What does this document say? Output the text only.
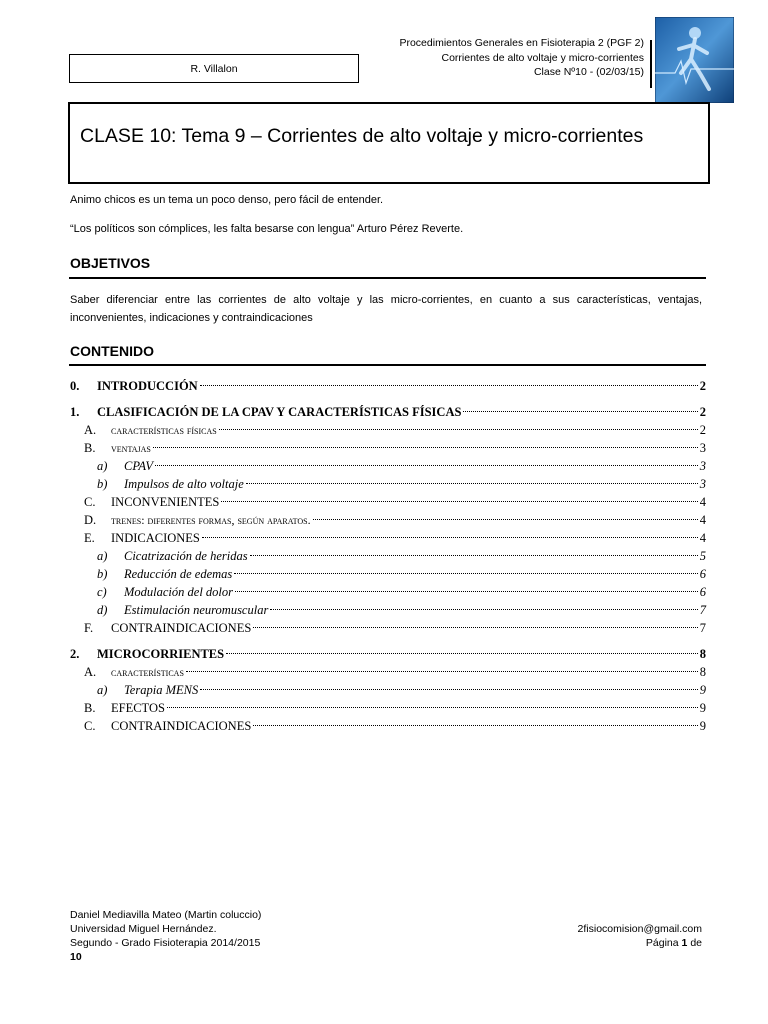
R. Villalon
Procedimientos Generales en Fisioterapia 2 (PGF 2)
Corrientes de alto voltaje y micro-corrientes
Clase Nº10 - (02/03/15)
CLASE 10: Tema 9 – Corrientes de alto voltaje y micro-corrientes
Animo chicos es un tema un poco denso, pero fácil de entender.
“Los políticos son cómplices, les falta besarse con lengua” Arturo Pérez Reverte.
OBJETIVOS
Saber diferenciar entre las corrientes de alto voltaje y las micro-corrientes, en cuanto a sus características, ventajas, inconvenientes, indicaciones y contraindicaciones
CONTENIDO
0.	INTRODUCCIÓN	2
1.	CLASIFICACIÓN DE LA CPAV Y CARACTERÍSTICAS FÍSICAS	2
A.	características físicas	2
B.	ventajas	3
a)	CPAV	3
b)	Impulsos de alto voltaje	3
C.	INCONVENIENTES	4
D.	trenes: diferentes formas, según aparatos.	4
E.	INDICACIONES	4
a)	Cicatrización de heridas	5
b)	Reducción de edemas	6
c)	Modulación del dolor	6
d)	Estimulación neuromuscular	7
F.	CONTRAINDICACIONES	7
2.	MICROCORRIENTES	8
A.	características	8
a)	Terapia MENS	9
B.	EFECTOS	9
C.	CONTRAINDICACIONES	9
Daniel Mediavilla Mateo (Martin coluccio)
Universidad Miguel Hernández.
Segundo - Grado Fisioterapia 2014/2015
10
2fisiocomision@gmail.com
Página 1 de
